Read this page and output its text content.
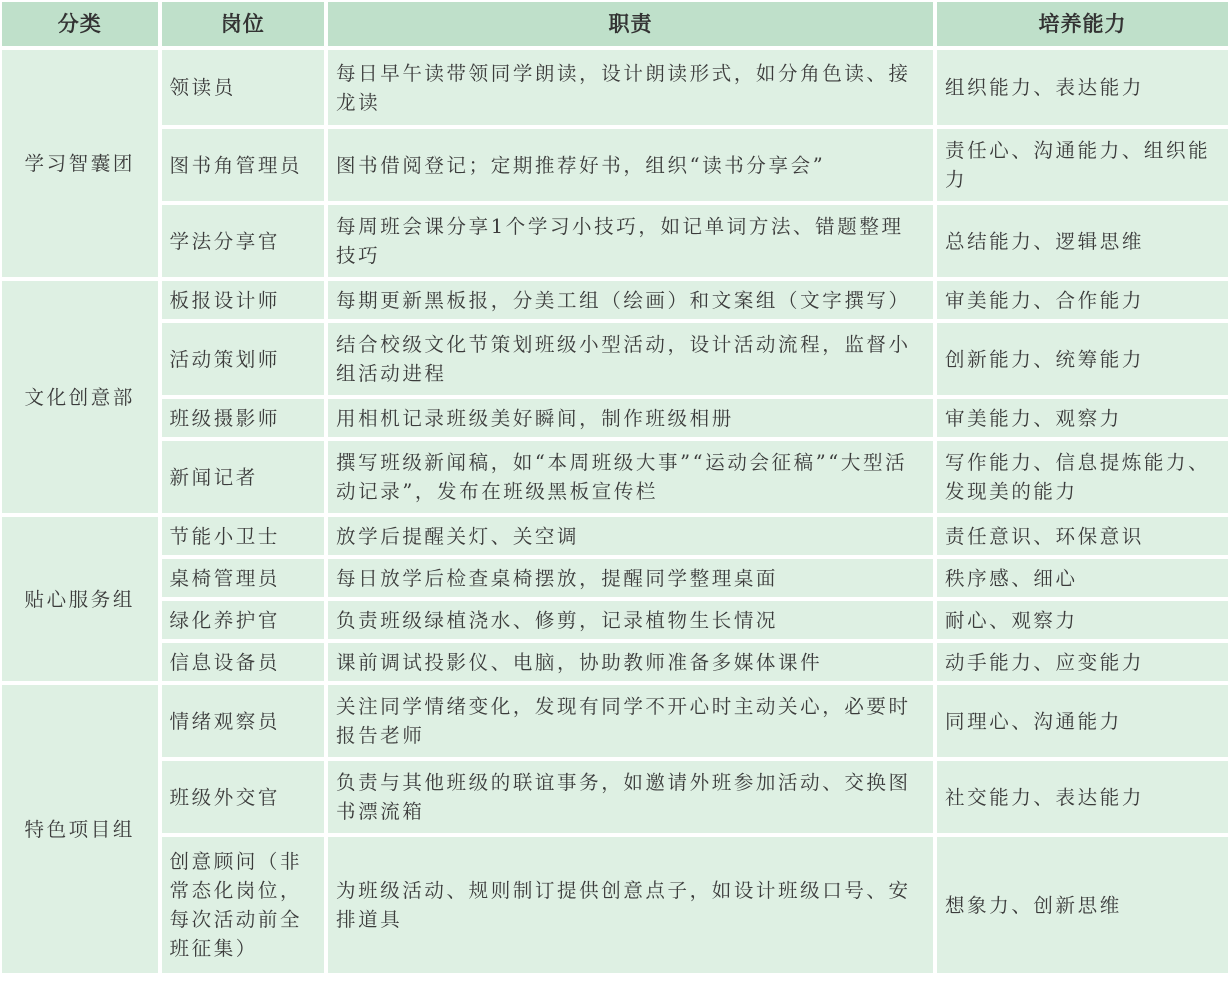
分类	岗位	职责	培养能力
学习智囊团	领读员	每日早午读带领同学朗读，设计朗读形式，如分角色读、接龙读	组织能力、表达能力
	图书角管理员	图书借阅登记；定期推荐好书，组织“读书分享会”	责任心、沟通能力、组织能力
	学法分享官	每周班会课分享1个学习小技巧，如记单词方法、错题整理技巧	总结能力、逻辑思维
文化创意部	板报设计师	每期更新黑板报，分美工组（绘画）和文案组（文字撰写）	审美能力、合作能力
	活动策划师	结合校级文化节策划班级小型活动，设计活动流程，监督小组活动进程	创新能力、统筹能力
	班级摄影师	用相机记录班级美好瞬间，制作班级相册	审美能力、观察力
	新闻记者	撰写班级新闻稿，如“本周班级大事”“运动会征稿”“大型活动记录”，发布在班级黑板宣传栏	写作能力、信息提炼能力、发现美的能力
贴心服务组	节能小卫士	放学后提醒关灯、关空调	责任意识、环保意识
	桌椅管理员	每日放学后检查桌椅摆放，提醒同学整理桌面	秩序感、细心
	绿化养护官	负责班级绿植浇水、修剪，记录植物生长情况	耐心、观察力
	信息设备员	课前调试投影仪、电脑，协助教师准备多媒体课件	动手能力、应变能力
特色项目组	情绪观察员	关注同学情绪变化，发现有同学不开心时主动关心，必要时报告老师	同理心、沟通能力
	班级外交官	负责与其他班级的联谊事务，如邀请外班参加活动、交换图书漂流箱	社交能力、表达能力
	创意顾问（非常态化岗位，每次活动前全班征集）	为班级活动、规则制订提供创意点子，如设计班级口号、安排道具	想象力、创新思维
